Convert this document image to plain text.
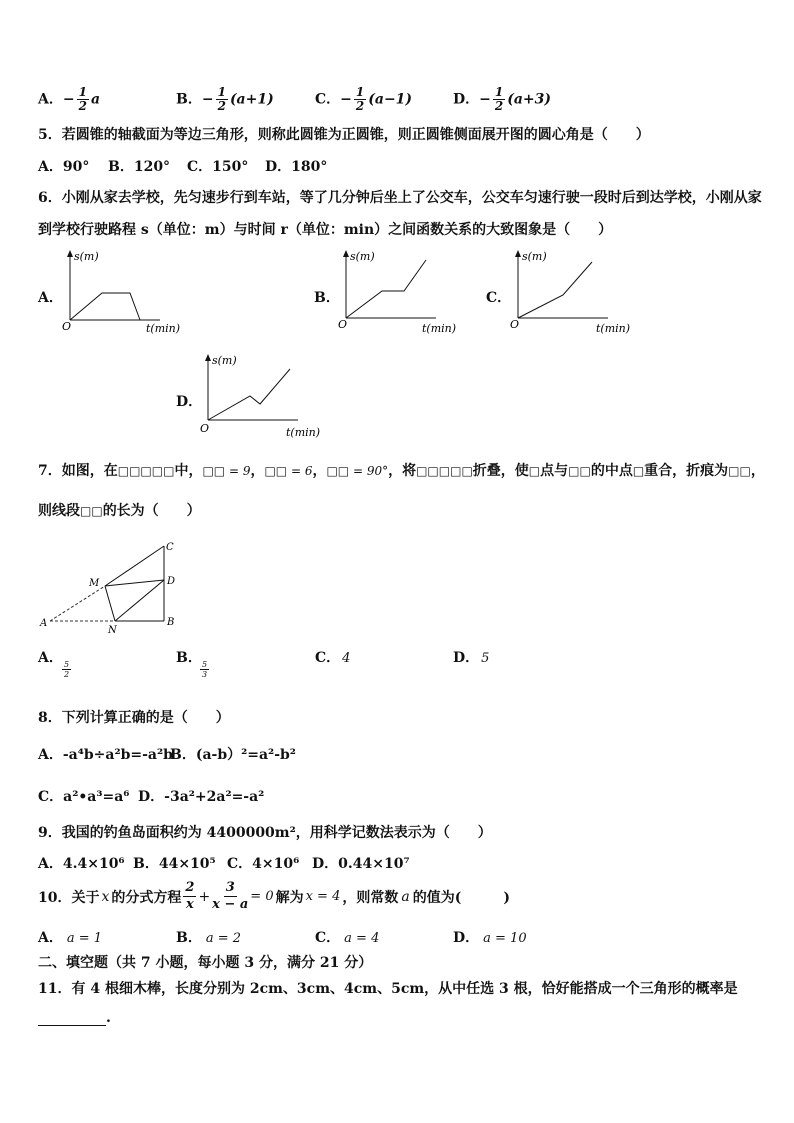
A．− $\frac{1}{2}$ a	B．− $\frac{1}{2} (a+1)$	C．− $\frac{1}{2} (a-1)$	D．− $\frac{1}{2} (a+3)$
5．若圆锥的轴截面为等边三角形，则称此圆锥为正圆锥，则正圆锥侧面展开图的圆心角是（　　）
A．90° B．120° C．150° D．180°
6．小刚从家去学校，先匀速步行到车站，等了几分钟后坐上了公交车，公交车匀速行驶一段时后到达学校，小刚从家
到学校行驶路程 s（单位：m）与时间 r（单位：min）之间函数关系的大致图象是（　　）
A．
s(m)
O	t(min)
B．
s(m)
O	t(min)
C．
s(m)
O	t(min)
D．
s(m)
O	t(min)
7．如图，在□□□□□中，□□ = 9，□□ = 6，□□ = 90°，将□□□□□折叠，使□点与□□的中点□重合，折痕为□□，
则线段□□的长为（　　）
A	B
C
D
M
N
A．
$\frac{5}{2}$
B．
$\frac{5}{3}$
C． 4	D． 5
8．下列计算正确的是（　　）
A．-a⁴b÷a²b=-a²b
B．(a-b）²=a²-b²
C．a²•a³=a⁶ D．-3a²+2a²=-a²
9．我国的钓鱼岛面积约为 4400000m²，用科学记数法表示为（　　）
A．4.4×10⁶ B．44×10⁵ C．4×10⁶ D．0.44×10⁷
10．关于 x 的分式方程 $\frac{2}{x} + \frac{3}{x - a} = 0$ 解为 x = 4 ，则常数 a 的值为(　　　)
A． a = 1	B． a = 2	C． a = 4	D． a = 10
二、填空题（共 7 小题，每小题 3 分，满分 21 分）
11．有 4 根细木棒，长度分别为 2cm、3cm、4cm、5cm，从中任选 3 根，恰好能搭成一个三角形的概率是
.
